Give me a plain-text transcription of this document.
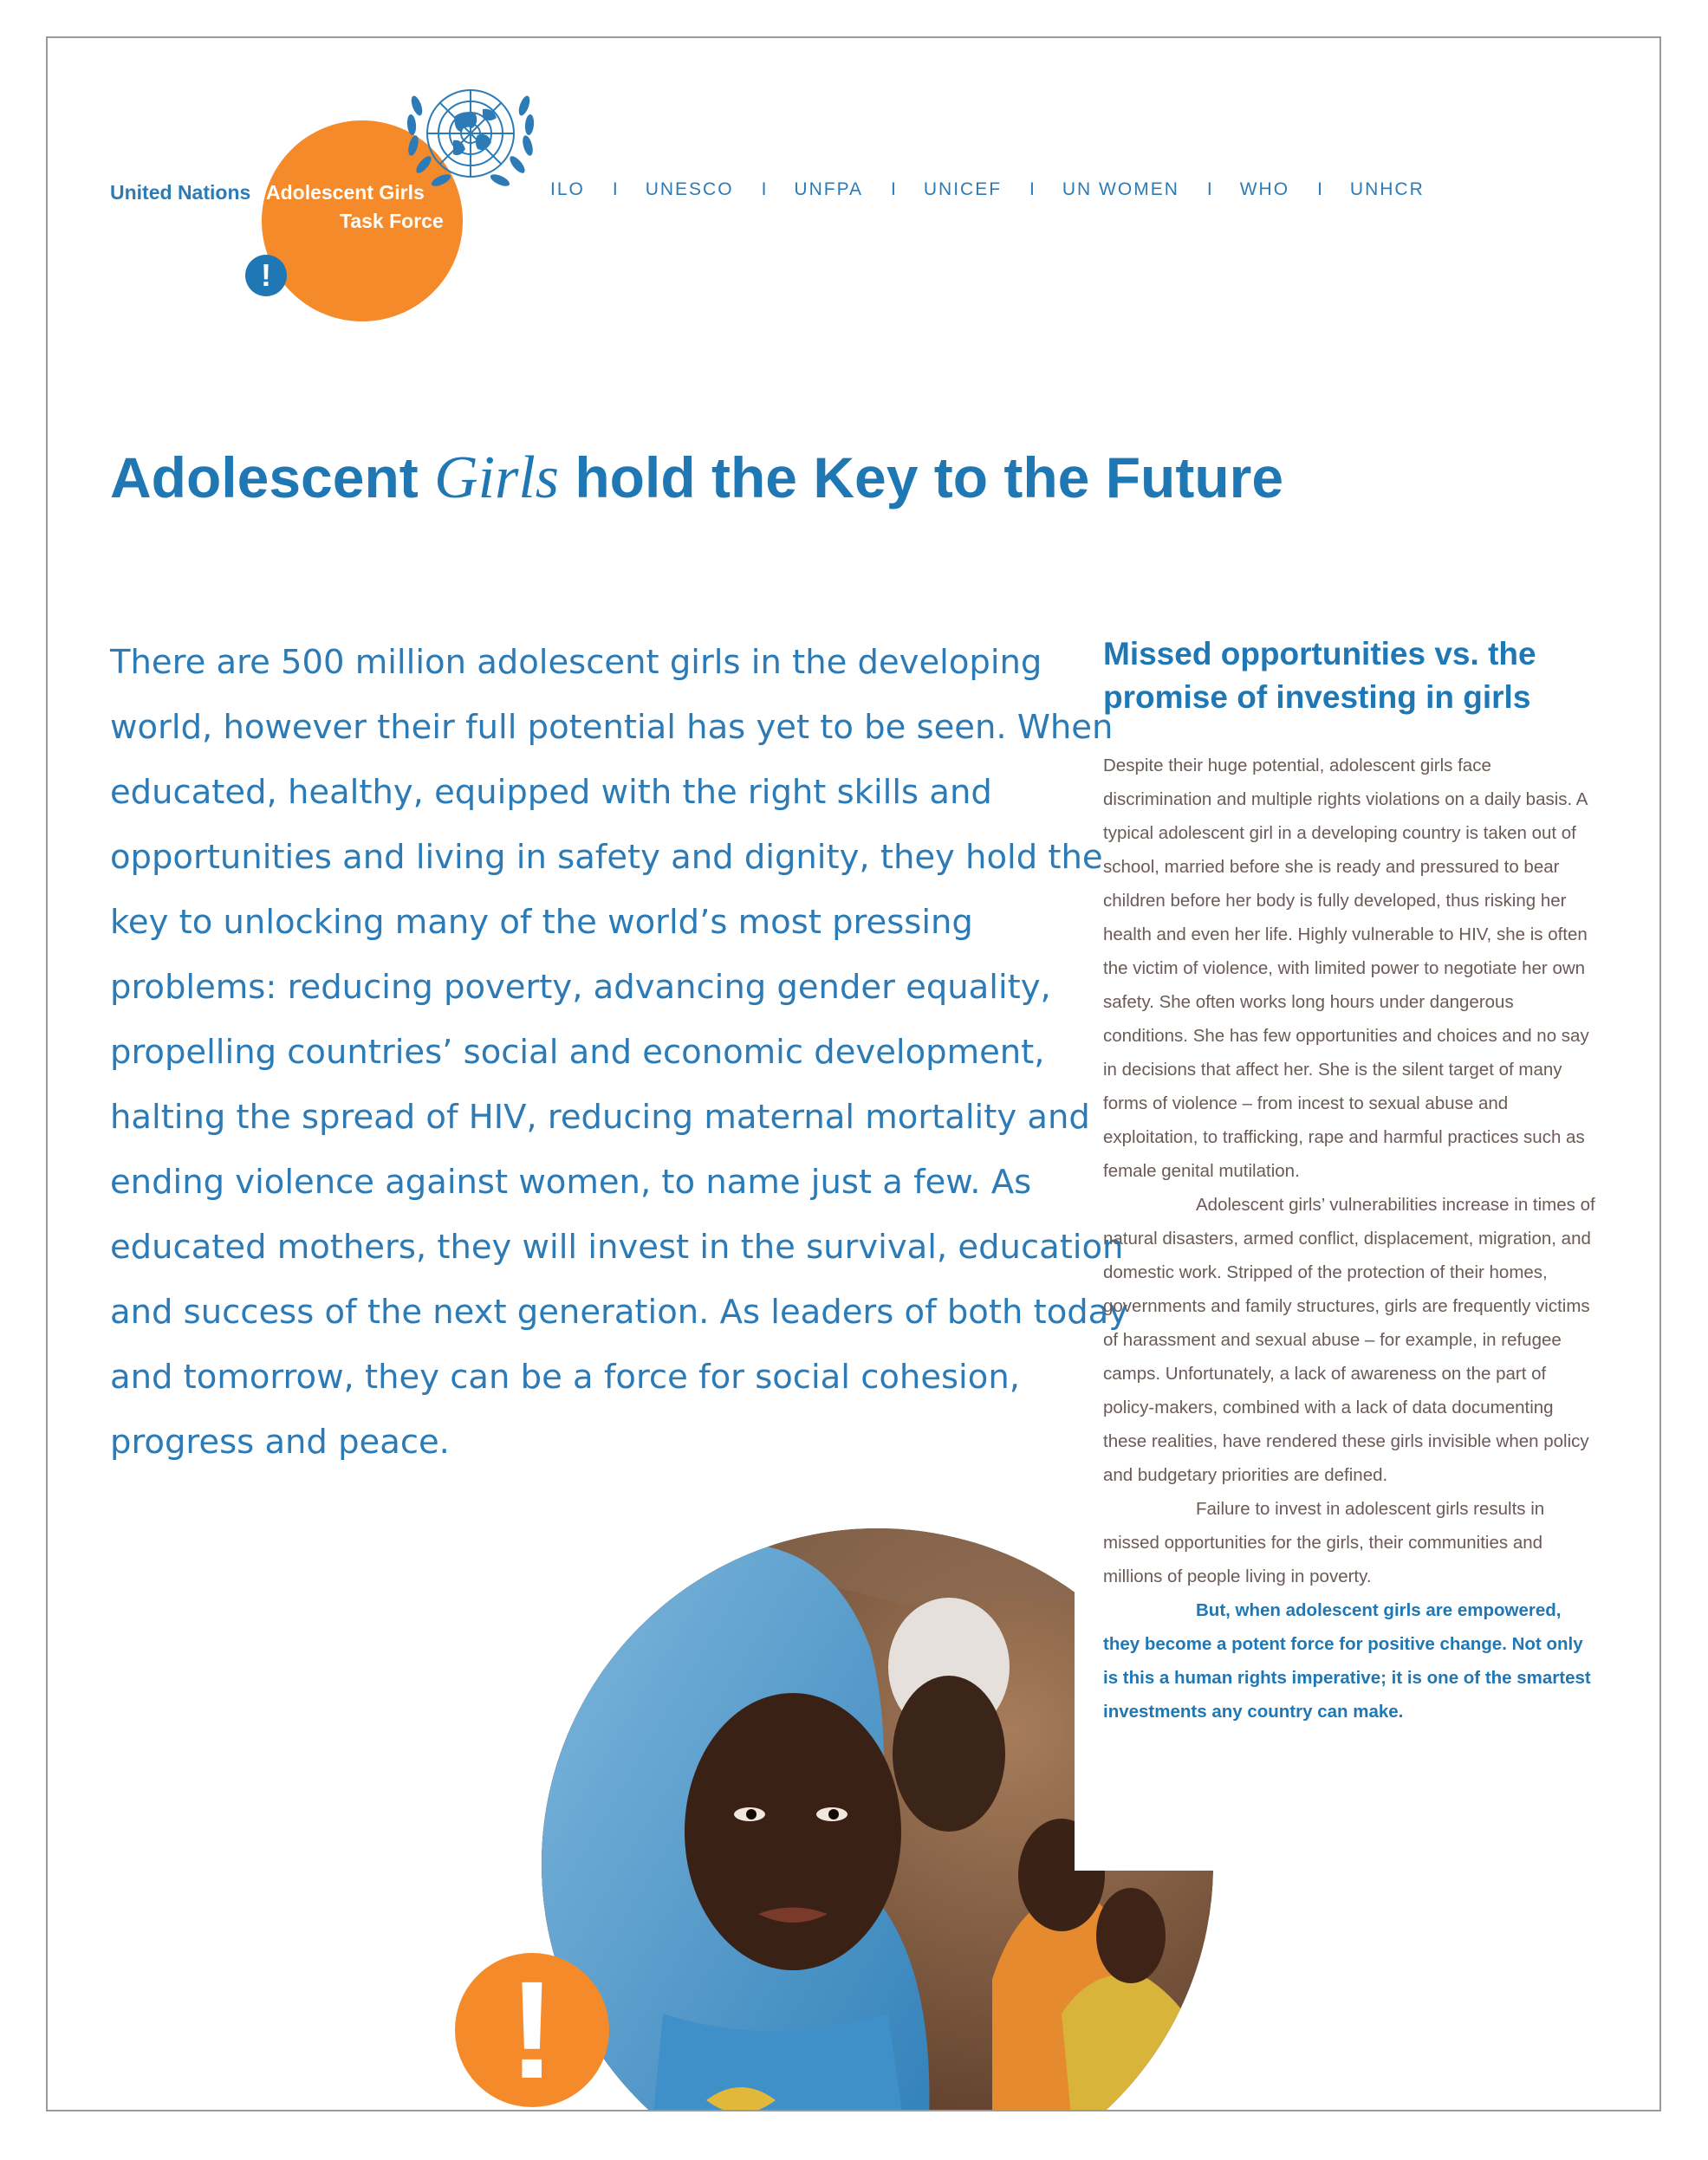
United Nations Adolescent Girls
Task Force
!
ILO I UNESCO I UNFPA I UNICEF I UN WOMEN I WHO I UNHCR
Adolescent Girls hold the Key to the Future

There are 500 million adolescent girls in the developing world, however their full potential has yet to be seen. When educated, healthy, equipped with the right skills and opportunities and living in safety and dignity, they hold the key to unlocking many of the world’s most pressing problems: reducing poverty, advancing gender equality, propelling countries’ social and economic development, halting the spread of HIV, reducing maternal mortality and ending violence against women, to name just a few. As educated mothers, they will invest in the survival, education and success of the next generation. As leaders of both today and tomorrow, they can be a force for social cohesion, progress and peace.

!
Missed opportunities vs. the promise of investing in girls

Despite their huge potential, adolescent girls face discrimination and multiple rights violations on a daily basis. A typical adolescent girl in a developing country is taken out of school, married before she is ready and pressured to bear children before her body is fully developed, thus risking her health and even her life. Highly vulnerable to HIV, she is often the victim of violence, with limited power to negotiate her own safety. She often works long hours under dangerous conditions. She has few opportunities and choices and no say in decisions that affect her. She is the silent target of many forms of violence – from incest to sexual abuse and exploitation, to trafficking, rape and harmful practices such as female genital mutilation.

Adolescent girls’ vulnerabilities increase in times of natural disasters, armed conflict, displacement, migration, and domestic work. Stripped of the protection of their homes, governments and family structures, girls are frequently victims of harassment and sexual abuse – for example, in refugee camps. Unfortunately, a lack of awareness on the part of policy-makers, combined with a lack of data documenting these realities, have rendered these girls invisible when policy and budgetary priorities are defined.

Failure to invest in adolescent girls results in missed opportunities for the girls, their communities and millions of people living in poverty.

But, when adolescent girls are empowered, they become a potent force for positive change. Not only is this a human rights imperative; it is one of the smartest investments any country can make.
